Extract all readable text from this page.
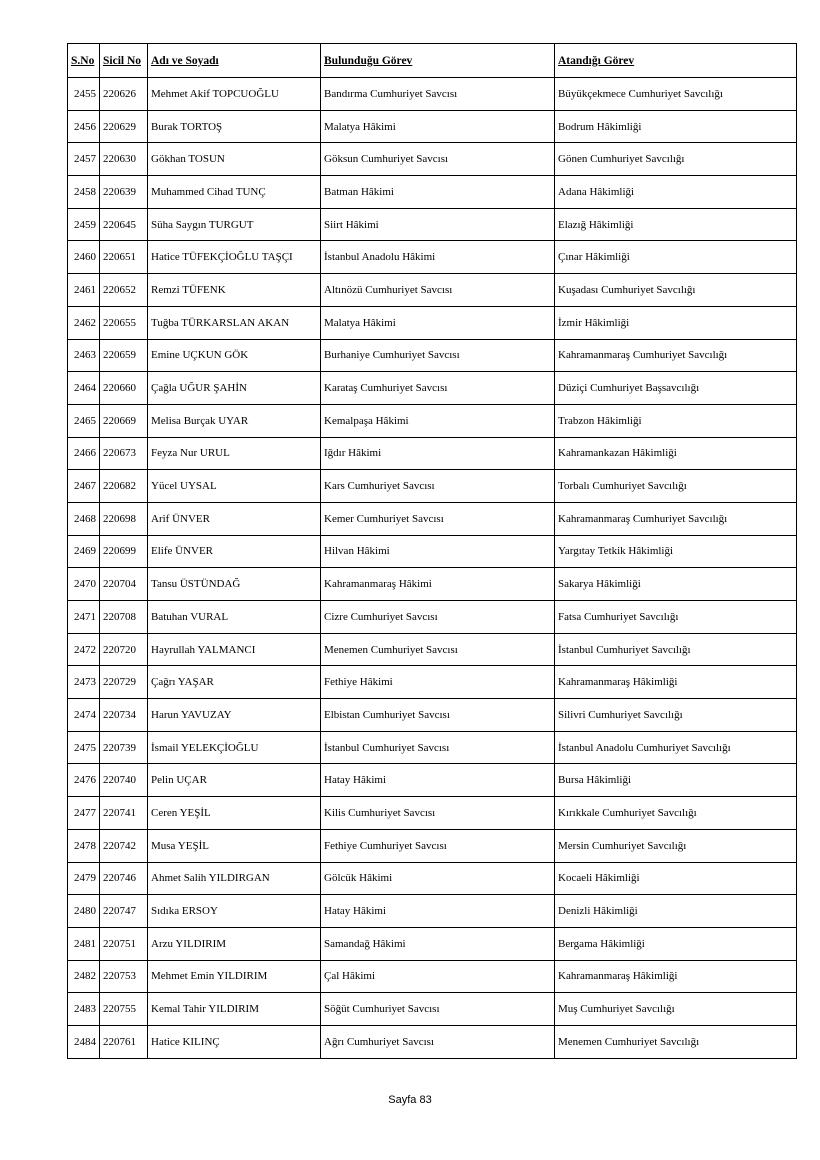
S.No	Sicil No	Adı ve Soyadı	Bulunduğu Görev	Atandığı Görev
2455	220626	Mehmet Akif TOPCUOĞLU	Bandırma Cumhuriyet Savcısı	Büyükçekmece Cumhuriyet Savcılığı
2456	220629	Burak TORTOŞ	Malatya Hâkimi	Bodrum Hâkimliği
2457	220630	Gökhan TOSUN	Göksun Cumhuriyet Savcısı	Gönen Cumhuriyet Savcılığı
2458	220639	Muhammed Cihad TUNÇ	Batman Hâkimi	Adana Hâkimliği
2459	220645	Süha Saygın TURGUT	Siirt Hâkimi	Elazığ Hâkimliği
2460	220651	Hatice TÜFEKÇİOĞLU TAŞÇI	İstanbul Anadolu Hâkimi	Çınar Hâkimliği
2461	220652	Remzi TÜFENK	Altınözü Cumhuriyet Savcısı	Kuşadası Cumhuriyet Savcılığı
2462	220655	Tuğba TÜRKARSLAN AKAN	Malatya Hâkimi	İzmir Hâkimliği
2463	220659	Emine UÇKUN GÖK	Burhaniye Cumhuriyet Savcısı	Kahramanmaraş Cumhuriyet Savcılığı
2464	220660	Çağla UĞUR ŞAHİN	Karataş Cumhuriyet Savcısı	Düziçi Cumhuriyet Başsavcılığı
2465	220669	Melisa Burçak UYAR	Kemalpaşa Hâkimi	Trabzon Hâkimliği
2466	220673	Feyza Nur URUL	Iğdır Hâkimi	Kahramankazan Hâkimliği
2467	220682	Yücel UYSAL	Kars Cumhuriyet Savcısı	Torbalı Cumhuriyet Savcılığı
2468	220698	Arif ÜNVER	Kemer Cumhuriyet Savcısı	Kahramanmaraş Cumhuriyet Savcılığı
2469	220699	Elife ÜNVER	Hilvan Hâkimi	Yargıtay Tetkik Hâkimliği
2470	220704	Tansu ÜSTÜNDAĞ	Kahramanmaraş Hâkimi	Sakarya Hâkimliği
2471	220708	Batuhan VURAL	Cizre Cumhuriyet Savcısı	Fatsa Cumhuriyet Savcılığı
2472	220720	Hayrullah YALMANCI	Menemen Cumhuriyet Savcısı	İstanbul Cumhuriyet Savcılığı
2473	220729	Çağrı YAŞAR	Fethiye Hâkimi	Kahramanmaraş Hâkimliği
2474	220734	Harun YAVUZAY	Elbistan Cumhuriyet Savcısı	Silivri Cumhuriyet Savcılığı
2475	220739	İsmail YELEKÇİOĞLU	İstanbul Cumhuriyet Savcısı	İstanbul Anadolu Cumhuriyet Savcılığı
2476	220740	Pelin UÇAR	Hatay Hâkimi	Bursa Hâkimliği
2477	220741	Ceren YEŞİL	Kilis Cumhuriyet Savcısı	Kırıkkale Cumhuriyet Savcılığı
2478	220742	Musa YEŞİL	Fethiye Cumhuriyet Savcısı	Mersin Cumhuriyet Savcılığı
2479	220746	Ahmet Salih YILDIRGAN	Gölcük Hâkimi	Kocaeli Hâkimliği
2480	220747	Sıdıka ERSOY	Hatay Hâkimi	Denizli Hâkimliği
2481	220751	Arzu YILDIRIM	Samandağ Hâkimi	Bergama Hâkimliği
2482	220753	Mehmet Emin YILDIRIM	Çal Hâkimi	Kahramanmaraş Hâkimliği
2483	220755	Kemal Tahir YILDIRIM	Söğüt Cumhuriyet Savcısı	Muş Cumhuriyet Savcılığı
2484	220761	Hatice KILINÇ	Ağrı Cumhuriyet Savcısı	Menemen Cumhuriyet Savcılığı
Sayfa 83
